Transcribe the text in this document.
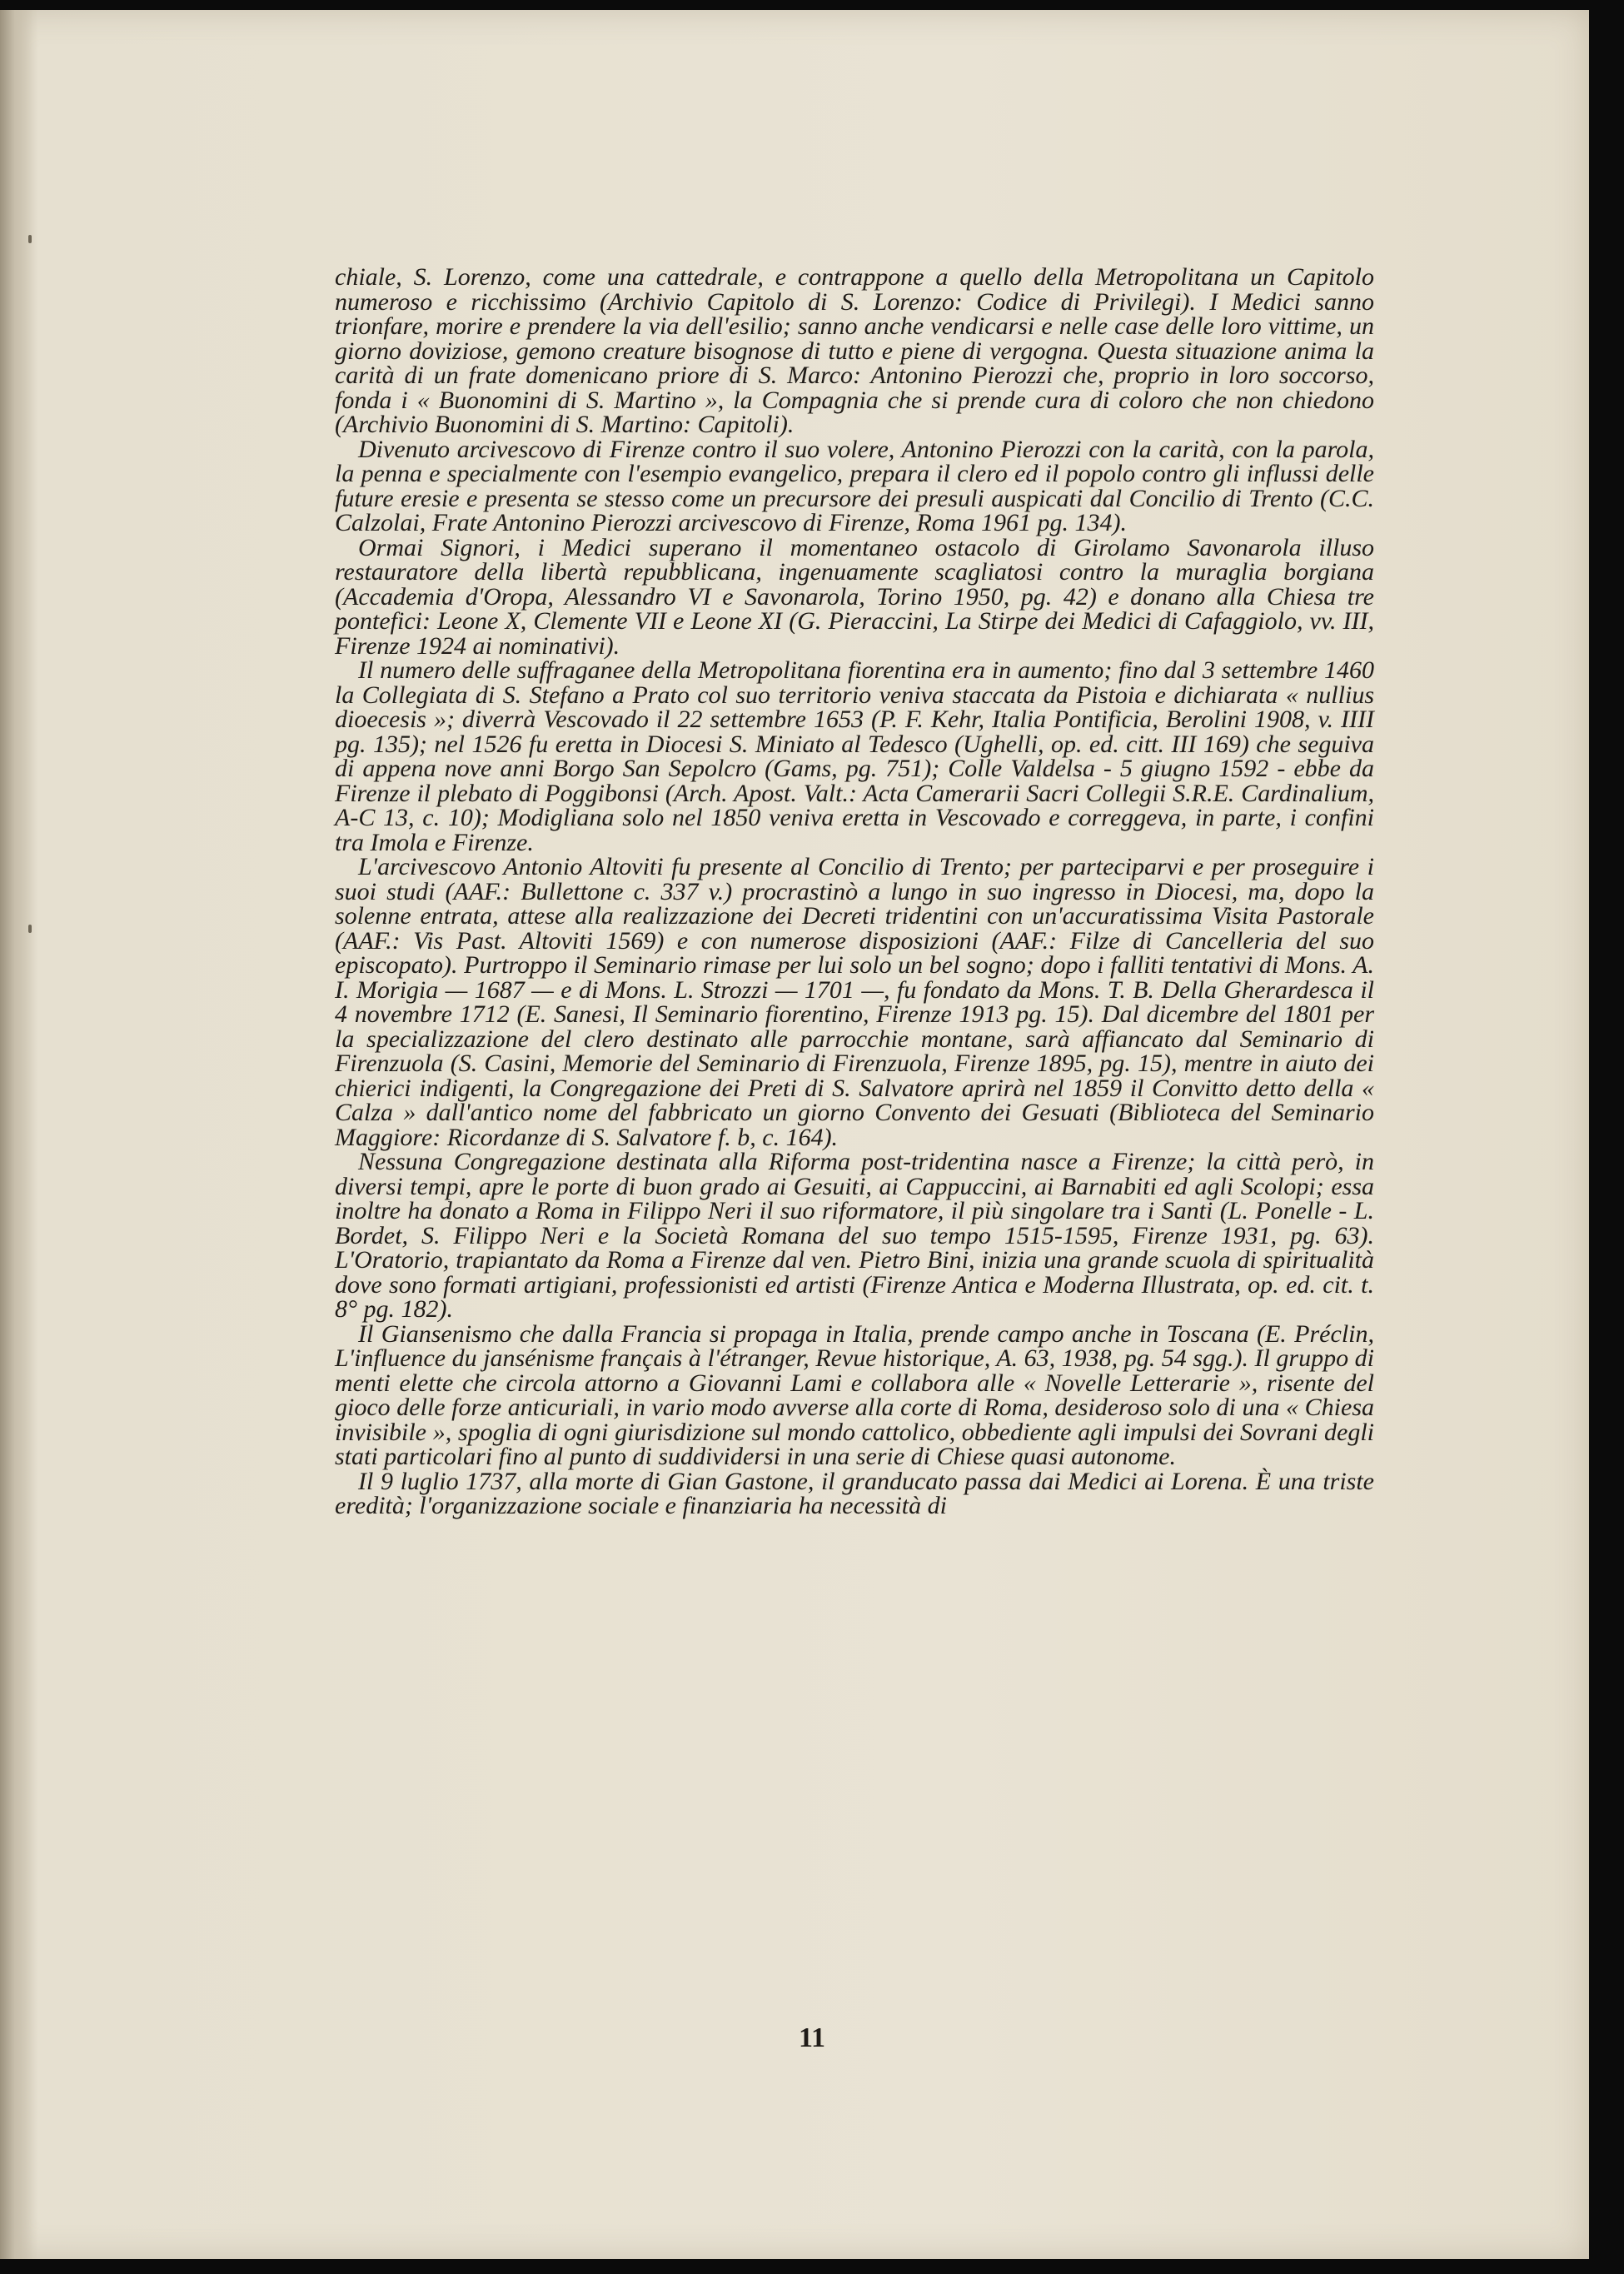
chiale, S. Lorenzo, come una cattedrale, e contrappone a quello della Metropolitana un Capitolo numeroso e ricchissimo (Archivio Capitolo di S. Lorenzo: Codice di Privilegi). I Medici sanno trionfare, morire e prendere la via dell'esilio; sanno anche vendicarsi e nelle case delle loro vittime, un giorno doviziose, gemono creature bisognose di tutto e piene di vergogna. Questa situazione anima la carità di un frate domenicano priore di S. Marco: Antonino Pierozzi che, proprio in loro soccorso, fonda i « Buonomini di S. Martino », la Compagnia che si prende cura di coloro che non chiedono (Archivio Buonomini di S. Martino: Capitoli).

Divenuto arcivescovo di Firenze contro il suo volere, Antonino Pierozzi con la carità, con la parola, la penna e specialmente con l'esempio evangelico, prepara il clero ed il popolo contro gli influssi delle future eresie e presenta se stesso come un precursore dei presuli auspicati dal Concilio di Trento (C.C. Calzolai, Frate Antonino Pierozzi arcivescovo di Firenze, Roma 1961 pg. 134).

Ormai Signori, i Medici superano il momentaneo ostacolo di Girolamo Savonarola illuso restauratore della libertà repubblicana, ingenuamente scagliatosi contro la muraglia borgiana (Accademia d'Oropa, Alessandro VI e Savonarola, Torino 1950, pg. 42) e donano alla Chiesa tre pontefici: Leone X, Clemente VII e Leone XI (G. Pieraccini, La Stirpe dei Medici di Cafaggiolo, vv. III, Firenze 1924 ai nominativi).

Il numero delle suffraganee della Metropolitana fiorentina era in aumento; fino dal 3 settembre 1460 la Collegiata di S. Stefano a Prato col suo territorio veniva staccata da Pistoia e dichiarata « nullius dioecesis »; diverrà Vescovado il 22 settembre 1653 (P. F. Kehr, Italia Pontificia, Berolini 1908, v. IIII pg. 135); nel 1526 fu eretta in Diocesi S. Miniato al Tedesco (Ughelli, op. ed. citt. III 169) che seguiva di appena nove anni Borgo San Sepolcro (Gams, pg. 751); Colle Valdelsa - 5 giugno 1592 - ebbe da Firenze il plebato di Poggibonsi (Arch. Apost. Valt.: Acta Camerarii Sacri Collegii S.R.E. Cardinalium, A-C 13, c. 10); Modigliana solo nel 1850 veniva eretta in Vescovado e correggeva, in parte, i confini tra Imola e Firenze.

L'arcivescovo Antonio Altoviti fu presente al Concilio di Trento; per parteciparvi e per proseguire i suoi studi (AAF.: Bullettone c. 337 v.) procrastinò a lungo in suo ingresso in Diocesi, ma, dopo la solenne entrata, attese alla realizzazione dei Decreti tridentini con un'accuratissima Visita Pastorale (AAF.: Vis Past. Altoviti 1569) e con numerose disposizioni (AAF.: Filze di Cancelleria del suo episcopato). Purtroppo il Seminario rimase per lui solo un bel sogno; dopo i falliti tentativi di Mons. A. I. Morigia — 1687 — e di Mons. L. Strozzi — 1701 —, fu fondato da Mons. T. B. Della Gherardesca il 4 novembre 1712 (E. Sanesi, Il Seminario fiorentino, Firenze 1913 pg. 15). Dal dicembre del 1801 per la specializzazione del clero destinato alle parrocchie montane, sarà affiancato dal Seminario di Firenzuola (S. Casini, Memorie del Seminario di Firenzuola, Firenze 1895, pg. 15), mentre in aiuto dei chierici indigenti, la Congregazione dei Preti di S. Salvatore aprirà nel 1859 il Convitto detto della « Calza » dall'antico nome del fabbricato un giorno Convento dei Gesuati (Biblioteca del Seminario Maggiore: Ricordanze di S. Salvatore f. b, c. 164).

Nessuna Congregazione destinata alla Riforma post-tridentina nasce a Firenze; la città però, in diversi tempi, apre le porte di buon grado ai Gesuiti, ai Cappuccini, ai Barnabiti ed agli Scolopi; essa inoltre ha donato a Roma in Filippo Neri il suo riformatore, il più singolare tra i Santi (L. Ponelle - L. Bordet, S. Filippo Neri e la Società Romana del suo tempo 1515-1595, Firenze 1931, pg. 63). L'Oratorio, trapiantato da Roma a Firenze dal ven. Pietro Bini, inizia una grande scuola di spiritualità dove sono formati artigiani, professionisti ed artisti (Firenze Antica e Moderna Illustrata, op. ed. cit. t. 8° pg. 182).

Il Giansenismo che dalla Francia si propaga in Italia, prende campo anche in Toscana (E. Préclin, L'influence du jansénisme français à l'étranger, Revue historique, A. 63, 1938, pg. 54 sgg.). Il gruppo di menti elette che circola attorno a Giovanni Lami e collabora alle « Novelle Letterarie », risente del gioco delle forze anticuriali, in vario modo avverse alla corte di Roma, desideroso solo di una « Chiesa invisibile », spoglia di ogni giurisdizione sul mondo cattolico, obbediente agli impulsi dei Sovrani degli stati particolari fino al punto di suddividersi in una serie di Chiese quasi autonome.

Il 9 luglio 1737, alla morte di Gian Gastone, il granducato passa dai Medici ai Lorena. È una triste eredità; l'organizzazione sociale e finanziaria ha necessità di

11
